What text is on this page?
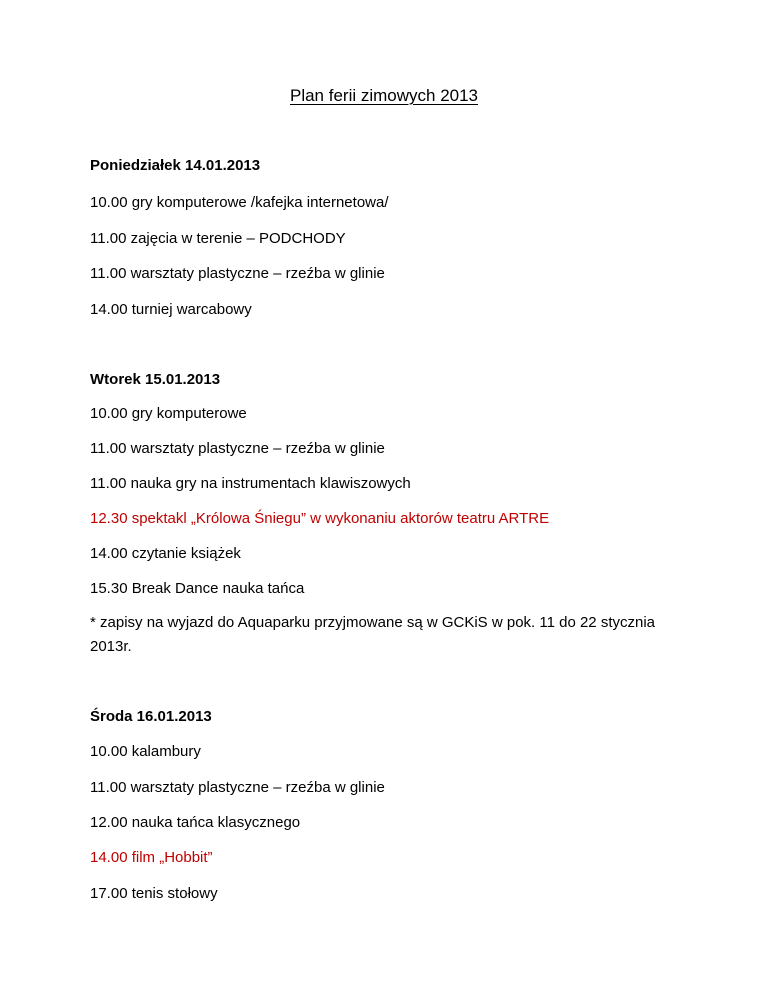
Plan ferii zimowych 2013

Poniedziałek 14.01.2013

10.00 gry komputerowe /kafejka internetowa/

11.00 zajęcia w terenie – PODCHODY

11.00 warsztaty plastyczne – rzeźba w glinie

14.00 turniej warcabowy

Wtorek 15.01.2013

10.00 gry komputerowe

11.00 warsztaty plastyczne – rzeźba w glinie

11.00 nauka gry na instrumentach klawiszowych

12.30 spektakl „Królowa Śniegu” w wykonaniu aktorów teatru ARTRE

14.00 czytanie książek

15.30 Break Dance nauka tańca

* zapisy na wyjazd do Aquaparku przyjmowane są w GCKiS w pok. 11 do 22 stycznia 2013r.

Środa 16.01.2013

10.00 kalambury

11.00 warsztaty plastyczne – rzeźba w glinie

12.00 nauka tańca klasycznego

14.00 film „Hobbit”

17.00 tenis stołowy
